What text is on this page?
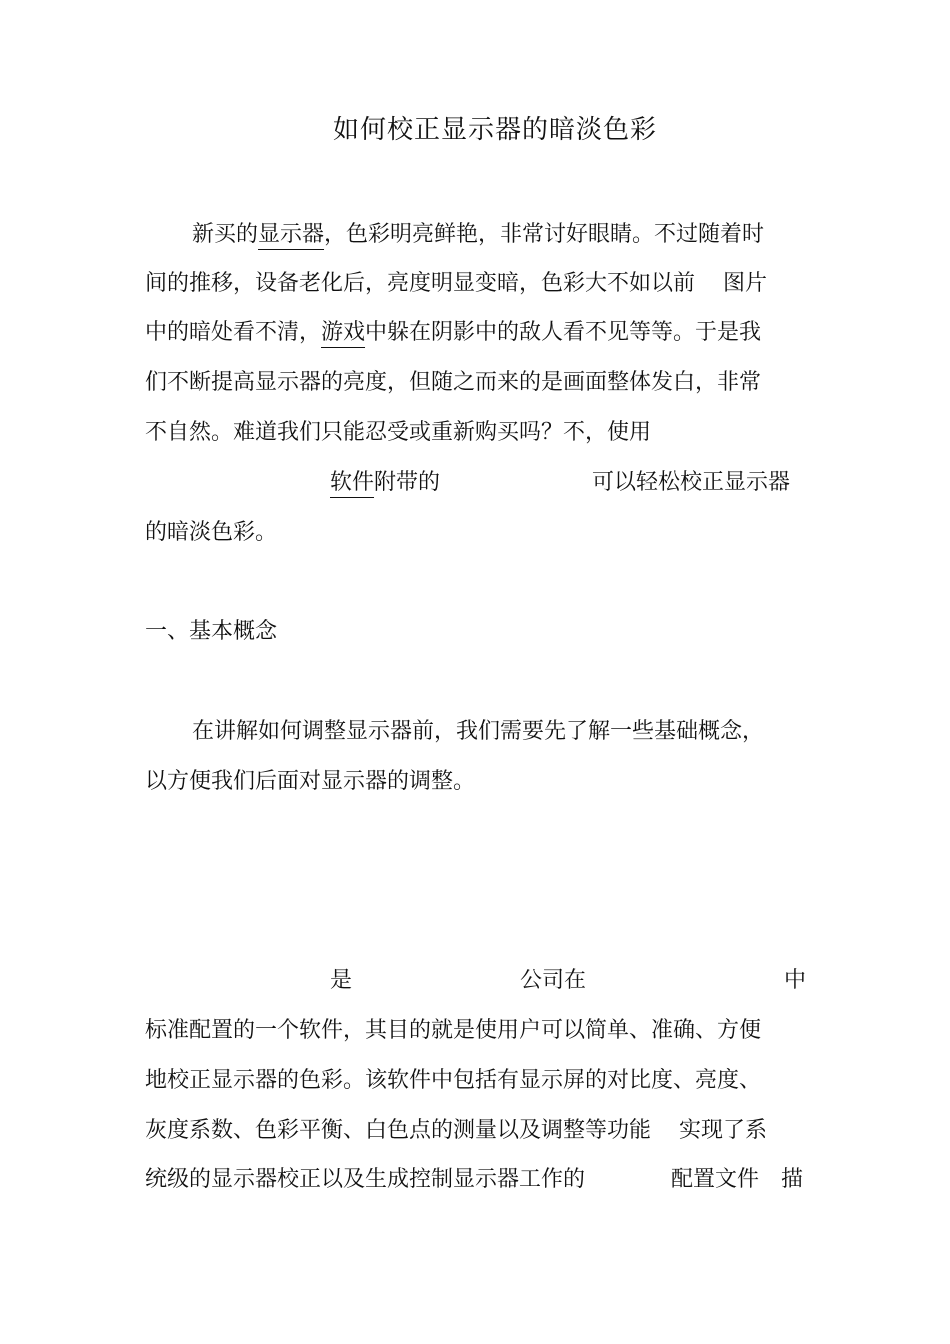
如何校正显示器的暗淡色彩
新买的显示器，色彩明亮鲜艳，非常讨好眼睛。不过随着时
间的推移，设备老化后，亮度明显变暗，色彩大不如以前    图片
中的暗处看不清，游戏中躲在阴影中的敌人看不见等等。于是我
们不断提高显示器的亮度，但随之而来的是画面整体发白，非常
不自然。难道我们只能忍受或重新购买吗？不，使用
软件附带的	可以轻松校正显示器
的暗淡色彩。
一、基本概念
在讲解如何调整显示器前，我们需要先了解一些基础概念，
以方便我们后面对显示器的调整。
是	公司在	中
标准配置的一个软件，其目的就是使用户可以简单、准确、方便
地校正显示器的色彩。该软件中包括有显示屏的对比度、亮度、
灰度系数、色彩平衡、白色点的测量以及调整等功能    实现了系
统级的显示器校正以及生成控制显示器工作的	配置文件 描
